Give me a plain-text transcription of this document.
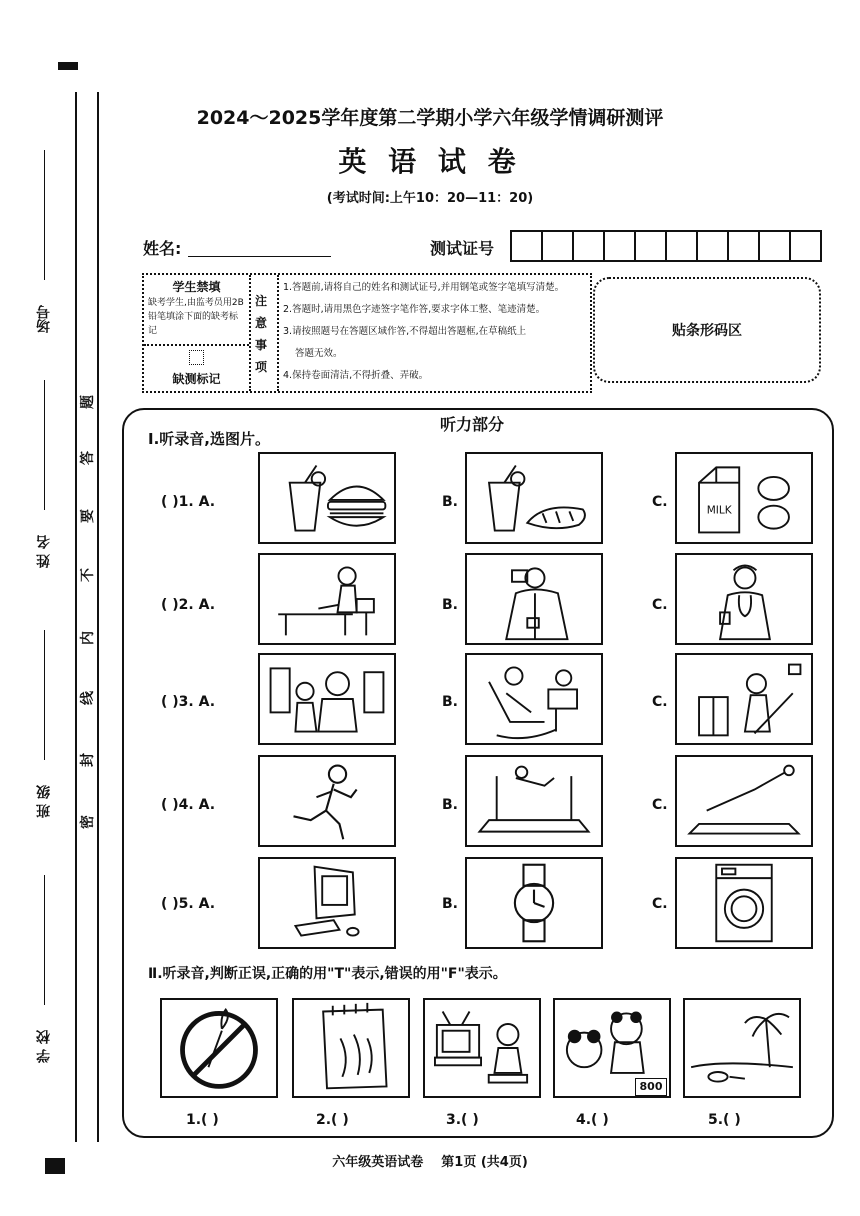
场号
姓 名
班 级
学 校
题
答
要
不
内
线
封
密
2024～2025学年度第二学期小学六年级学情调研测评
英 语 试 卷
(考试时间:上午10：20—11：20)
姓名:	测试证号
学生禁填
缺考学生,由监考员用2B铅笔填涂下面的缺考标记
缺测标记
注意事项
1.答题前,请将自己的姓名和测试证号,并用钢笔或签字笔填写清楚。
2.答题时,请用黑色字迹签字笔作答,要求字体工整、笔迹清楚。
3.请按照题号在答题区域作答,不得超出答题框,在草稿纸上
答题无效。
4.保持卷面清洁,不得折叠、弄破。
贴条形码区
听力部分
Ⅰ.听录音,选图片。
( )1. A.	B.	C.
MILK
( )2. A.	B.	C.
( )3. A.	B.	C.
( )4. A.	B.	C.
( )5. A.	B.	C.
Ⅱ.听录音,判断正误,正确的用"T"表示,错误的用"F"表示。
800
1.( )	2.( )	3.( )	4.( )	5.( )
六年级英语试卷    第1页 (共4页)
